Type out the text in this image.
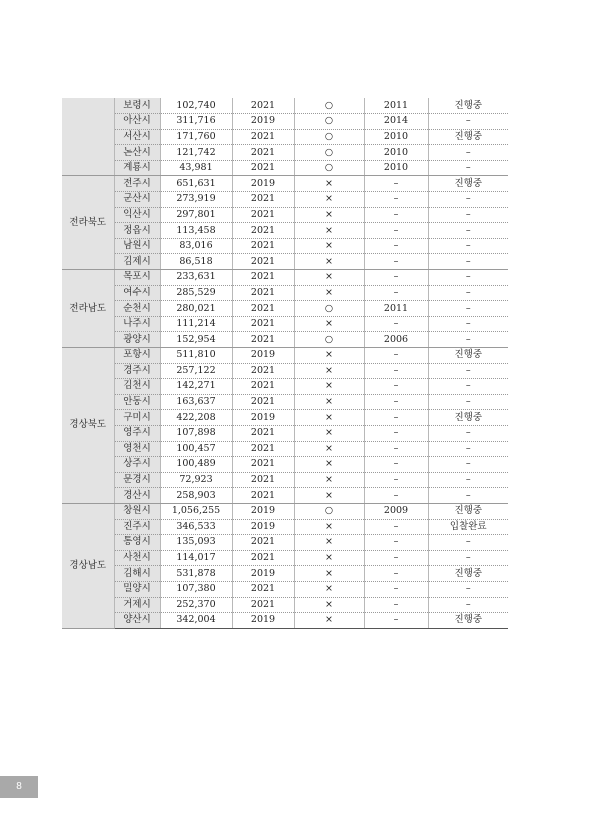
	보령시	102,740	2021	○	2011	진행중
	아산시	311,716	2019	○	2014	–
	서산시	171,760	2021	○	2010	진행중
	논산시	121,742	2021	○	2010	–
	계룡시	43,981	2021	○	2010	–
전라북도	전주시	651,631	2019	×	–	진행중
	군산시	273,919	2021	×	–	–
	익산시	297,801	2021	×	–	–
	정읍시	113,458	2021	×	–	–
	남원시	83,016	2021	×	–	–
	김제시	86,518	2021	×	–	–
전라남도	목포시	233,631	2021	×	–	–
	여수시	285,529	2021	×	–	–
	순천시	280,021	2021	○	2011	–
	나주시	111,214	2021	×	–	–
	광양시	152,954	2021	○	2006	–
경상북도	포항시	511,810	2019	×	–	진행중
	경주시	257,122	2021	×	–	–
	김천시	142,271	2021	×	–	–
	안동시	163,637	2021	×	–	–
	구미시	422,208	2019	×	–	진행중
	영주시	107,898	2021	×	–	–
	영천시	100,457	2021	×	–	–
	상주시	100,489	2021	×	–	–
	문경시	72,923	2021	×	–	–
	경산시	258,903	2021	×	–	–
경상남도	창원시	1,056,255	2019	○	2009	진행중
	진주시	346,533	2019	×	–	입찰완료
	통영시	135,093	2021	×	–	–
	사천시	114,017	2021	×	–	–
	김해시	531,878	2019	×	–	진행중
	밀양시	107,380	2021	×	–	–
	거제시	252,370	2021	×	–	–
	양산시	342,004	2019	×	–	진행중
8
